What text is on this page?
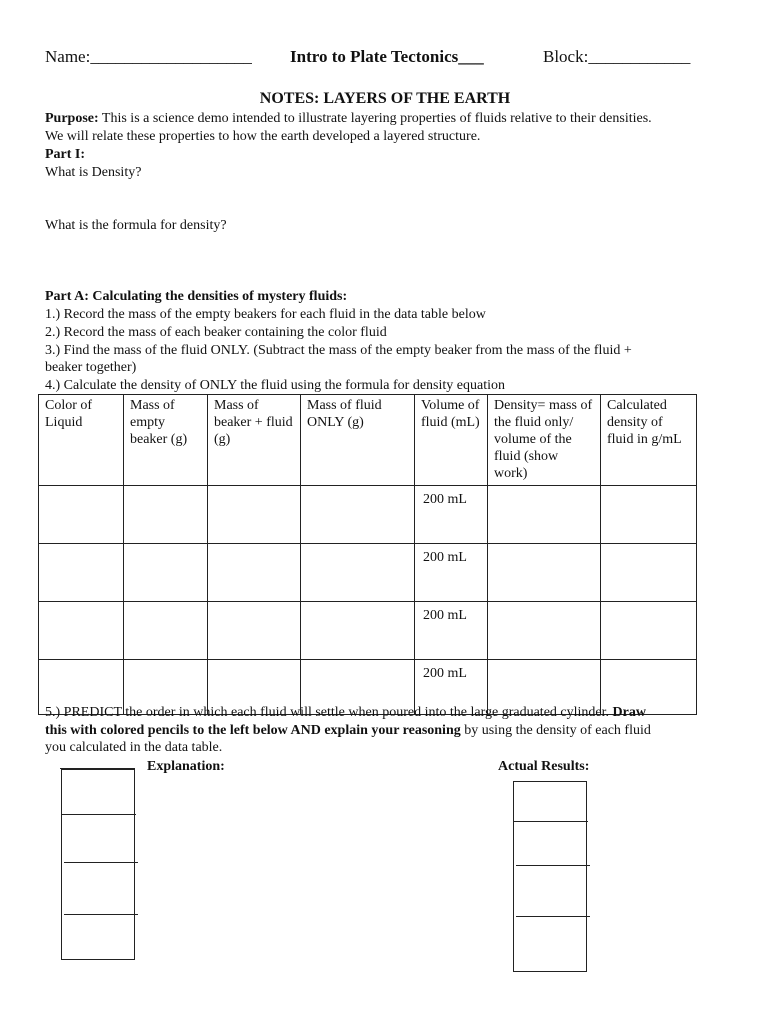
Name:___________________ Intro to Plate Tectonics___	Block:____________
NOTES: LAYERS OF THE EARTH
Purpose: This is a science demo intended to illustrate layering properties of fluids relative to their densities.
We will relate these properties to how the earth developed a layered structure.
Part I:
What is Density?
What is the formula for density?
Part A: Calculating the densities of mystery fluids:
1.) Record the mass of the empty beakers for each fluid in the data table below
2.) Record the mass of each beaker containing the color fluid
3.) Find the mass of the fluid ONLY. (Subtract the mass of the empty beaker from the mass of the fluid +
beaker together)
4.) Calculate the density of ONLY the fluid using the formula for density equation
Color of Liquid	Mass of empty beaker (g)	Mass of beaker + fluid (g)	Mass of fluid ONLY (g)	Volume of fluid (mL)	Density= mass of the fluid only/ volume of the fluid (show work)	Calculated density of fluid in g/mL
				200 mL		
				200 mL		
				200 mL		
				200 mL		
5.) PREDICT the order in which each fluid will settle when poured into the large graduated cylinder. Draw
this with colored pencils to the left below AND explain your reasoning by using the density of each fluid
you calculated in the data table.
Explanation:	Actual Results:
